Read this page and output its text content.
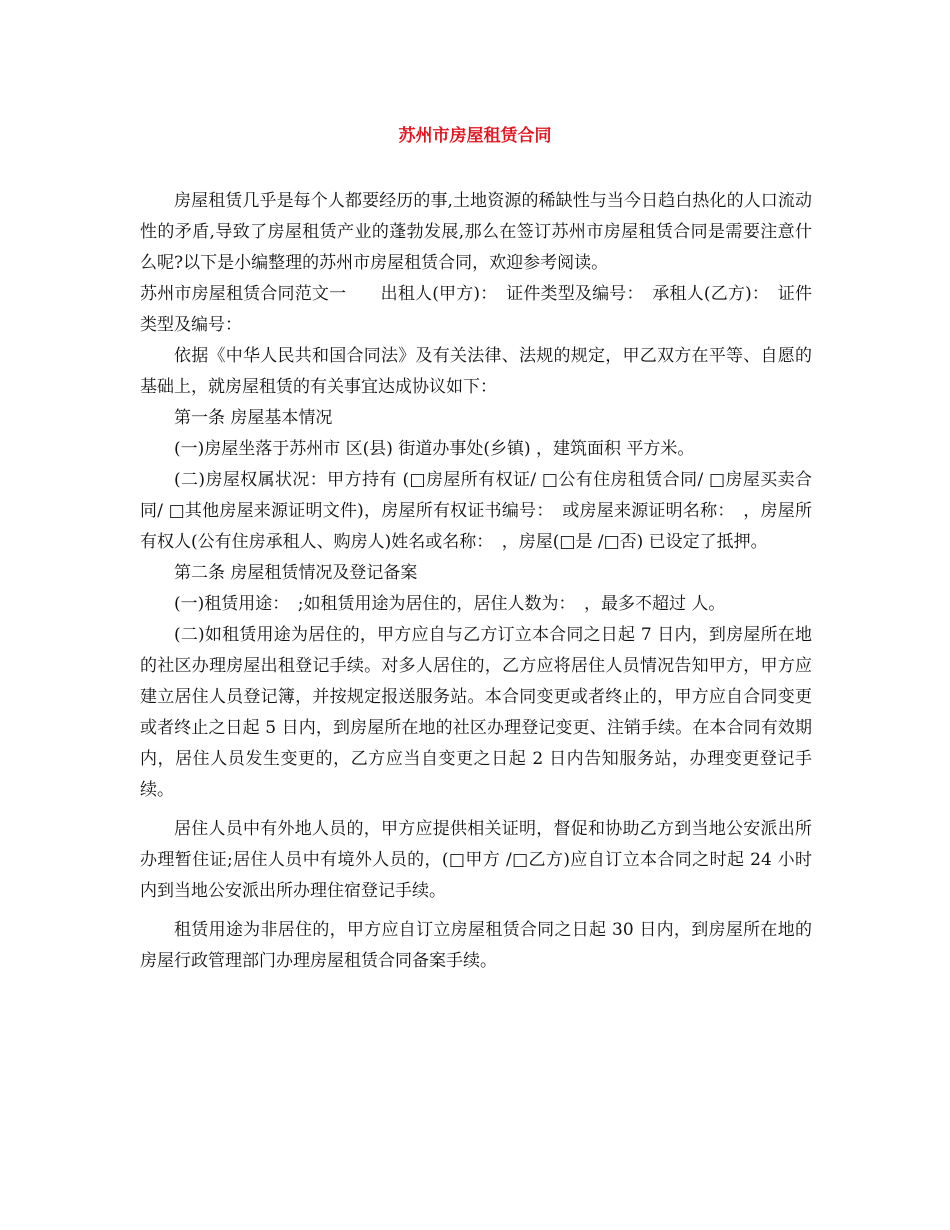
苏州市房屋租赁合同

房屋租赁几乎是每个人都要经历的事,土地资源的稀缺性与当今日趋白热化的人口流动性的矛盾,导致了房屋租赁产业的蓬勃发展,那么在签订苏州市房屋租赁合同是需要注意什么呢?以下是小编整理的苏州市房屋租赁合同，欢迎参考阅读。

苏州市房屋租赁合同范文一　　出租人(甲方)：　证件类型及编号：　承租人(乙方)：　证件类型及编号：

依据《中华人民共和国合同法》及有关法律、法规的规定，甲乙双方在平等、自愿的基础上，就房屋租赁的有关事宜达成协议如下：

第一条 房屋基本情况

(一)房屋坐落于苏州市 区(县) 街道办事处(乡镇) ，建筑面积 平方米。

(二)房屋权属状况：甲方持有 (□房屋所有权证/ □公有住房租赁合同/ □房屋买卖合同/ □其他房屋来源证明文件)，房屋所有权证书编号：　或房屋来源证明名称：　，房屋所有权人(公有住房承租人、购房人)姓名或名称：　，房屋(□是 /□否) 已设定了抵押。

第二条 房屋租赁情况及登记备案

(一)租赁用途：　;如租赁用途为居住的，居住人数为：　，最多不超过 人。

(二)如租赁用途为居住的，甲方应自与乙方订立本合同之日起 7 日内，到房屋所在地的社区办理房屋出租登记手续。对多人居住的，乙方应将居住人员情况告知甲方，甲方应建立居住人员登记簿，并按规定报送服务站。本合同变更或者终止的，甲方应自合同变更或者终止之日起 5 日内，到房屋所在地的社区办理登记变更、注销手续。在本合同有效期内，居住人员发生变更的，乙方应当自变更之日起 2 日内告知服务站，办理变更登记手续。

居住人员中有外地人员的，甲方应提供相关证明，督促和协助乙方到当地公安派出所办理暂住证;居住人员中有境外人员的，(□甲方 /□乙方)应自订立本合同之时起 24 小时内到当地公安派出所办理住宿登记手续。

租赁用途为非居住的，甲方应自订立房屋租赁合同之日起 30 日内，到房屋所在地的房屋行政管理部门办理房屋租赁合同备案手续。
